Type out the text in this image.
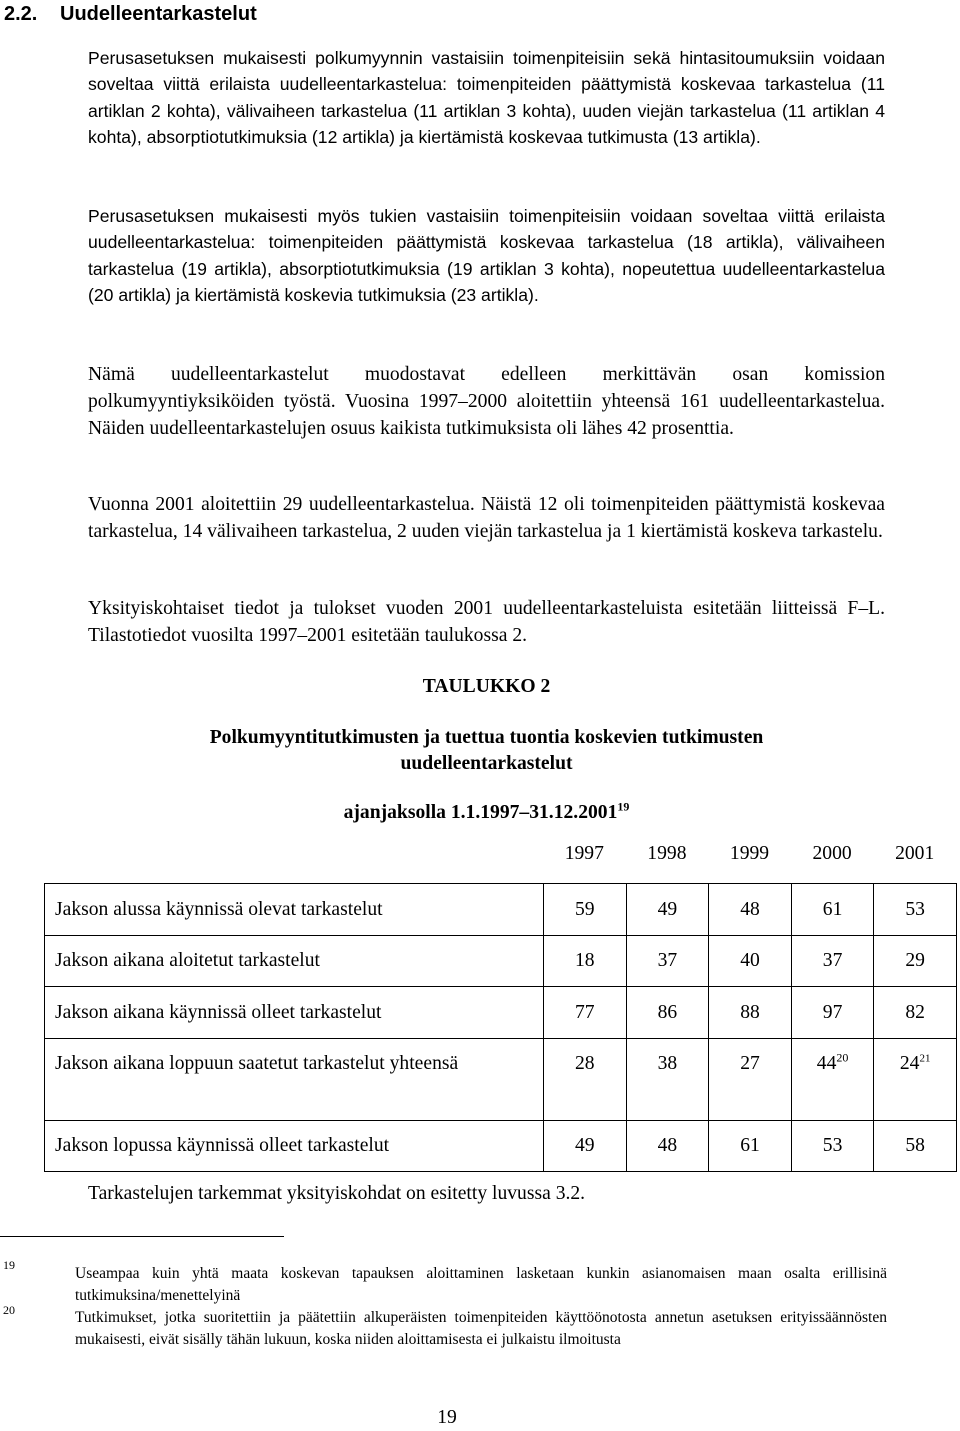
2.2. Uudelleentarkastelut

Perusasetuksen mukaisesti polkumyynnin vastaisiin toimenpiteisiin sekä hintasitoumuksiin voidaan soveltaa viittä erilaista uudelleentarkastelua: toimenpiteiden päättymistä koskevaa tarkastelua (11 artiklan 2 kohta), välivaiheen tarkastelua (11 artiklan 3 kohta), uuden viejän tarkastelua (11 artiklan 4 kohta), absorptiotutkimuksia (12 artikla) ja kiertämistä koskevaa tutkimusta (13 artikla).

Perusasetuksen mukaisesti myös tukien vastaisiin toimenpiteisiin voidaan soveltaa viittä erilaista uudelleentarkastelua: toimenpiteiden päättymistä koskevaa tarkastelua (18 artikla), välivaiheen tarkastelua (19 artikla), absorptiotutkimuksia (19 artiklan 3 kohta), nopeutettua uudelleentarkastelua (20 artikla) ja kiertämistä koskevia tutkimuksia (23 artikla).

Nämä uudelleentarkastelut muodostavat edelleen merkittävän osan komission polkumyyntiyksiköiden työstä. Vuosina 1997–2000 aloitettiin yhteensä 161 uudelleentarkastelua. Näiden uudelleentarkastelujen osuus kaikista tutkimuksista oli lähes 42 prosenttia.

Vuonna 2001 aloitettiin 29 uudelleentarkastelua. Näistä 12 oli toimenpiteiden päättymistä koskevaa tarkastelua, 14 välivaiheen tarkastelua, 2 uuden viejän tarkastelua ja 1 kiertämistä koskeva tarkastelu.

Yksityiskohtaiset tiedot ja tulokset vuoden 2001 uudelleentarkasteluista esitetään liitteissä F–L. Tilastotiedot vuosilta 1997–2001 esitetään taulukossa 2.

TAULUKKO 2

Polkumyyntitutkimusten ja tuettua tuontia koskevien tutkimusten

uudelleentarkastelut

ajanjaksolla 1.1.1997–31.12.2001$^{19}$

1997	1998	1999	2000	2001
Jakson alussa käynnissä olevat tarkastelut	59	49	48	61	53
Jakson aikana aloitetut tarkastelut	18	37	40	37	29
Jakson aikana käynnissä olleet tarkastelut	77	86	88	97	82
Jakson aikana loppuun saatetut tarkastelut yhteensä	28	38	27	$44^{20}$	$24^{21}$
Jakson lopussa käynnissä olleet tarkastelut	49	48	61	53	58
Tarkastelujen tarkemmat yksityiskohdat on esitetty luvussa 3.2.
19	Useampaa kuin yhtä maata koskevan tapauksen aloittaminen lasketaan kunkin asianomaisen maan osalta erillisinä tutkimuksina/menettelyinä

20	Tutkimukset, jotka suoritettiin ja päätettiin alkuperäisten toimenpiteiden käyttöönotosta annetun asetuksen erityissäännösten mukaisesti, eivät sisälly tähän lukuun, koska niiden aloittamisesta ei julkaistu ilmoitusta

19
